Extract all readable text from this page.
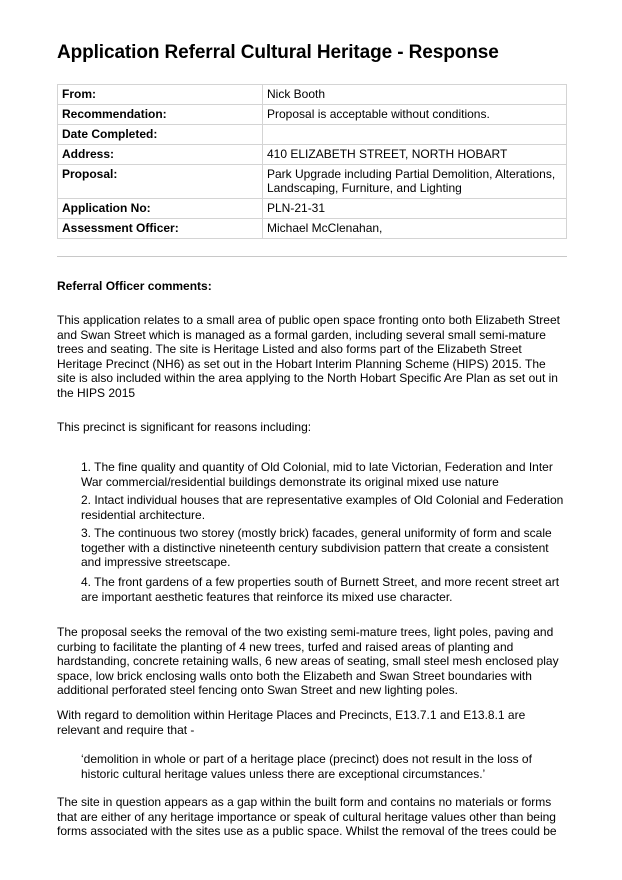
Application Referral Cultural Heritage - Response
From:	Nick Booth
Recommendation:	Proposal is acceptable without conditions.
Date Completed:	
Address:	410 ELIZABETH STREET, NORTH HOBART
Proposal:	Park Upgrade including Partial Demolition, Alterations, Landscaping, Furniture, and Lighting
Application No:	PLN-21-31
Assessment Officer:	Michael McClenahan,

Referral Officer comments:

This application relates to a small area of public open space fronting onto both Elizabeth Street and Swan Street which is managed as a formal garden, including several small semi-mature trees and seating. The site is Heritage Listed and also forms part of the Elizabeth Street Heritage Precinct (NH6) as set out in the Hobart Interim Planning Scheme (HIPS) 2015. The site is also included within the area applying to the North Hobart Specific Are Plan as set out in the HIPS 2015

This precinct is significant for reasons including:

1. The fine quality and quantity of Old Colonial, mid to late Victorian, Federation and Inter War commercial/residential buildings demonstrate its original mixed use nature

2. Intact individual houses that are representative examples of Old Colonial and Federation residential architecture.

3. The continuous two storey (mostly brick) facades, general uniformity of form and scale together with a distinctive nineteenth century subdivision pattern that create a consistent and impressive streetscape.

4. The front gardens of a few properties south of Burnett Street, and more recent street art are important aesthetic features that reinforce its mixed use character.

The proposal seeks the removal of the two existing semi-mature trees, light poles, paving and curbing to facilitate the planting of 4 new trees, turfed and raised areas of planting and hardstanding, concrete retaining walls, 6 new areas of seating, small steel mesh enclosed play space, low brick enclosing walls onto both the Elizabeth and Swan Street boundaries with additional perforated steel fencing onto Swan Street and new lighting poles.

With regard to demolition within Heritage Places and Precincts, E13.7.1 and E13.8.1 are relevant and require that -

‘demolition in whole or part of a heritage place (precinct) does not result in the loss of historic cultural heritage values unless there are exceptional circumstances.’

The site in question appears as a gap within the built form and contains no materials or forms that are either of any heritage importance or speak of cultural heritage values other than being forms associated with the sites use as a public space. Whilst the removal of the trees could be
